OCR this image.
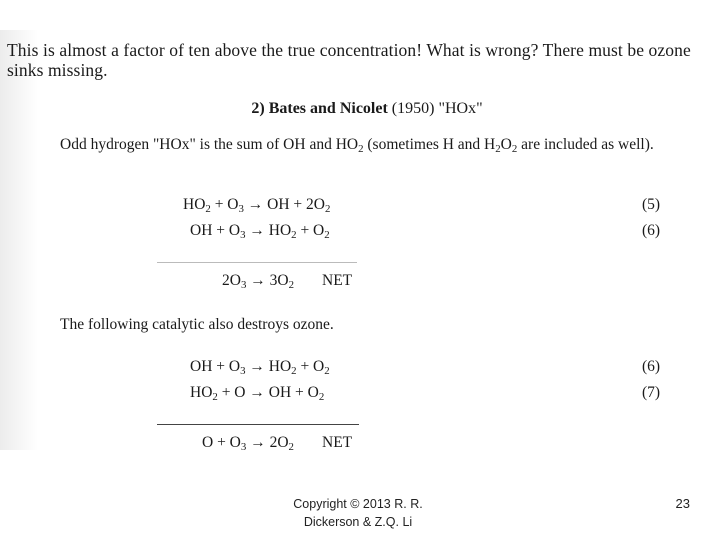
This is almost a factor of ten above the true concentration! What is wrong? There must be ozone sinks missing.
2) Bates and Nicolet (1950) "HOx"
Odd hydrogen "HOx" is the sum of OH and $HO_2$ (sometimes H and $H_2O_2$ are included as well).
$HO_2 + O_3$ → OH + $2O_2$	(5)
OH + $O_3 \to HO_2 + O_2$	(6)
$2O_3 \to 3O_2$ NET
The following catalytic also destroys ozone.
OH + $O_3 \to HO_2 + O_2$	(6)
$HO_2 + O$ → OH + $O_2$	(7)
$O + O_3 \to 2O_2$ NET
Copyright © 2013 R. R.
Dickerson & Z.Q. Li
23
